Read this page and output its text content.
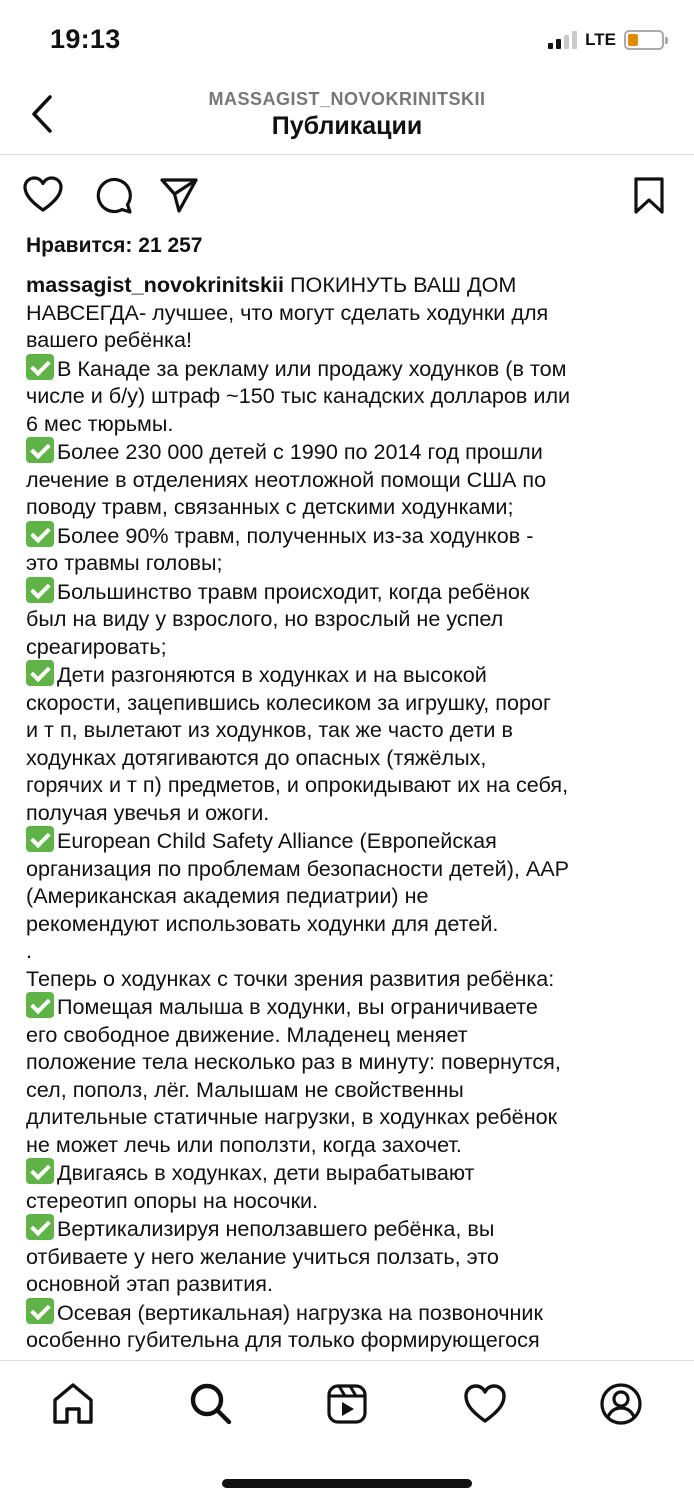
19:13	LTE
MASSAGIST_NOVOKRINITSKII
Публикации
Нравится: 21 257

massagist_novokrinitskii ПОКИНУТЬ ВАШ ДОМ

НАВСЕГДА- лучшее, что могут сделать ходунки для

вашего ребёнка!

В Канаде за рекламу или продажу ходунков (в том

числе и б/у) штраф ~150 тыс канадских долларов или

6 мес тюрьмы.

Более 230 000 детей с 1990 по 2014 год прошли

лечение в отделениях неотложной помощи США по

поводу травм, связанных с детскими ходунками;

Более 90% травм, полученных из-за ходунков -

это травмы головы;

Большинство травм происходит, когда ребёнок

был на виду у взрослого, но взрослый не успел

среагировать;

Дети разгоняются в ходунках и на высокой

скорости, зацепившись колесиком за игрушку, порог

и т п, вылетают из ходунков, так же часто дети в

ходунках дотягиваются до опасных (тяжёлых,

горячих и т п) предметов, и опрокидывают их на себя,

получая увечья и ожоги.

European Child Safety Alliance (Европейская

организация по проблемам безопасности детей), ААР

(Американская академия педиатрии) не

рекомендуют использовать ходунки для детей.

.

Теперь о ходунках с точки зрения развития ребёнка:

Помещая малыша в ходунки, вы ограничиваете

его свободное движение. Младенец меняет

положение тела несколько раз в минуту: повернутся,

сел, пополз, лёг. Малышам не свойственны

длительные статичные нагрузки, в ходунках ребёнок

не может лечь или поползти, когда захочет.

Двигаясь в ходунках, дети вырабатывают

стереотип опоры на носочки.

Вертикализируя неползавшего ребёнка, вы

отбиваете у него желание учиться ползать, это

основной этап развития.

Осевая (вертикальная) нагрузка на позвоночник

особенно губительна для только формирующегося
